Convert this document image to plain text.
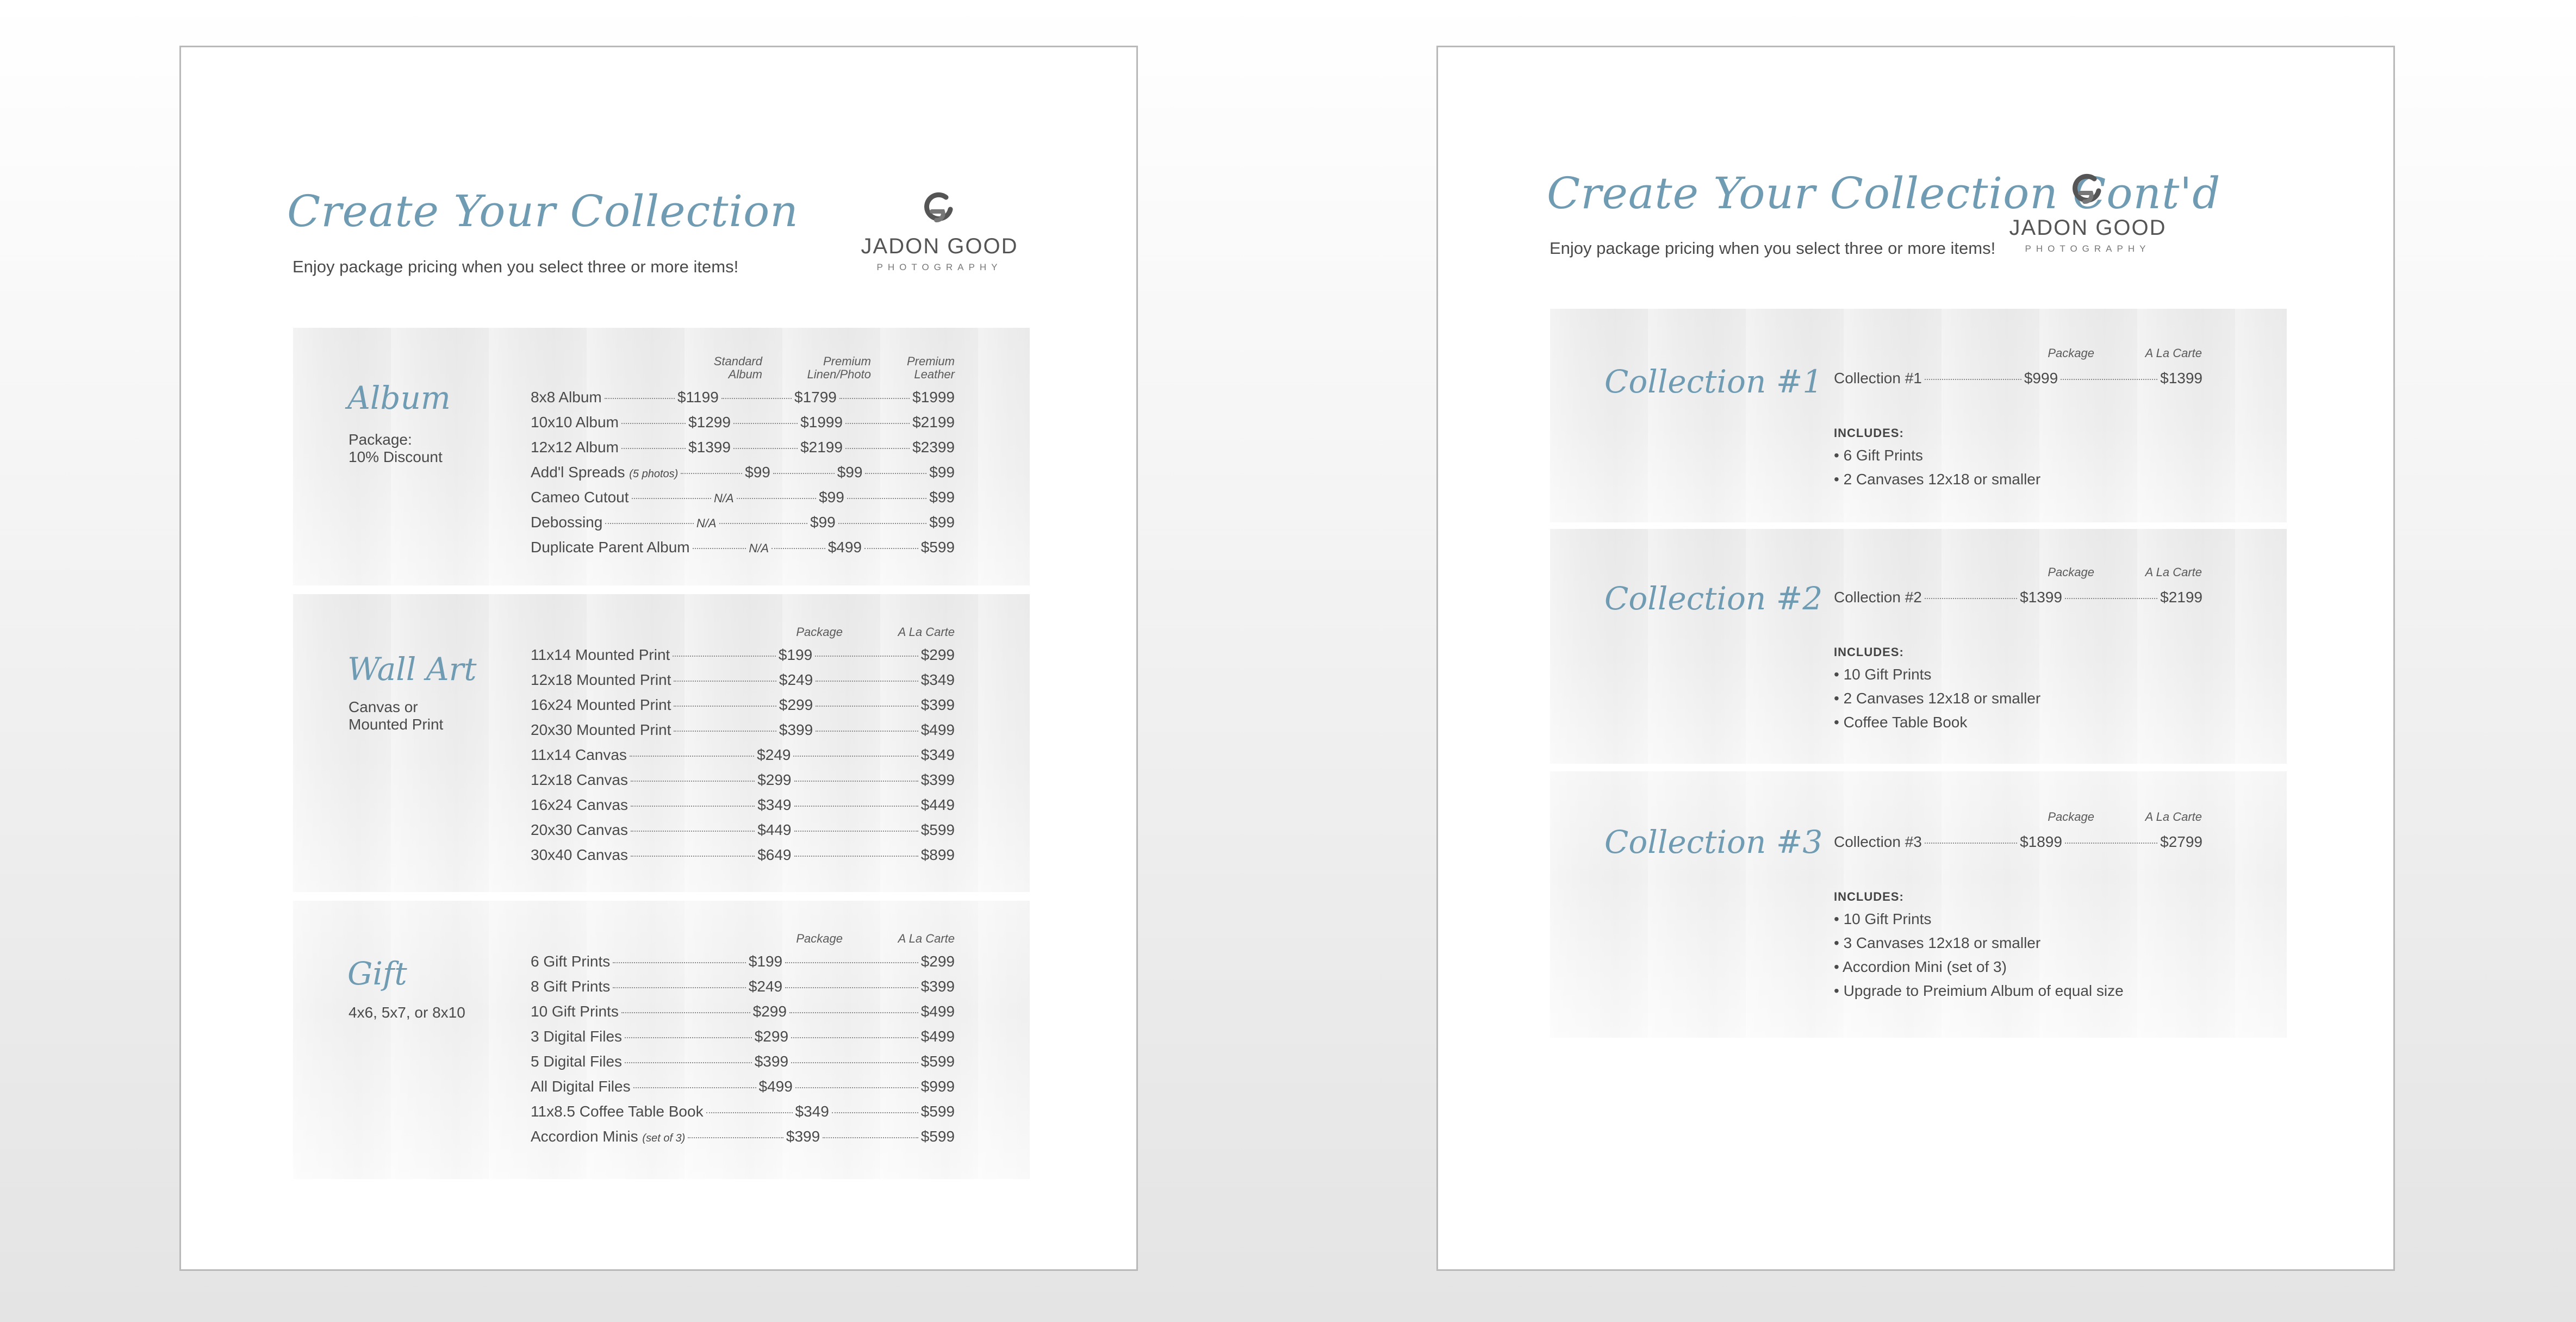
Create Your Collection

Enjoy package pricing when you select three or more items!

JADON GOOD
PHOTOGRAPHY
Album
Package:
10% Discount
Standard
Album
Premium
Linen/Photo
Premium
Leather
8x8 Album	$1199	$1799	$1999
10x10 Album	$1299	$1999	$2199
12x12 Album	$1399	$2199	$2399
Add'l Spreads (5 photos)	$99	$99	$99
Cameo Cutout	N/A	$99	$99
Debossing	N/A	$99	$99
Duplicate Parent Album	N/A	$499	$599
Wall Art
Canvas or
Mounted Print
Package	A La Carte
11x14 Mounted Print	$199	$299
12x18 Mounted Print	$249	$349
16x24 Mounted Print	$299	$399
20x30 Mounted Print	$399	$499
11x14 Canvas	$249	$349
12x18 Canvas	$299	$399
16x24 Canvas	$349	$449
20x30 Canvas	$449	$599
30x40 Canvas	$649	$899
Gift
4x6, 5x7, or 8x10
Package	A La Carte
6 Gift Prints	$199	$299
8 Gift Prints	$249	$399
10 Gift Prints	$299	$499
3 Digital Files	$299	$499
5 Digital Files	$399	$599
All Digital Files	$499	$999
11x8.5 Coffee Table Book	$349	$599
Accordion Minis (set of 3)	$399	$599
Create Your Collection Cont'd

Enjoy package pricing when you select three or more items!

JADON GOOD
PHOTOGRAPHY
Collection #1
Package	A La Carte
Collection #1	$999	$1399
INCLUDES:
• 6 Gift Prints
• 2 Canvases 12x18 or smaller
Collection #2
Package	A La Carte
Collection #2	$1399	$2199
INCLUDES:
• 10 Gift Prints
• 2 Canvases 12x18 or smaller
• Coffee Table Book
Collection #3
Package	A La Carte
Collection #3	$1899	$2799
INCLUDES:
• 10 Gift Prints
• 3 Canvases 12x18 or smaller
• Accordion Mini (set of 3)
• Upgrade to Preimium Album of equal size
